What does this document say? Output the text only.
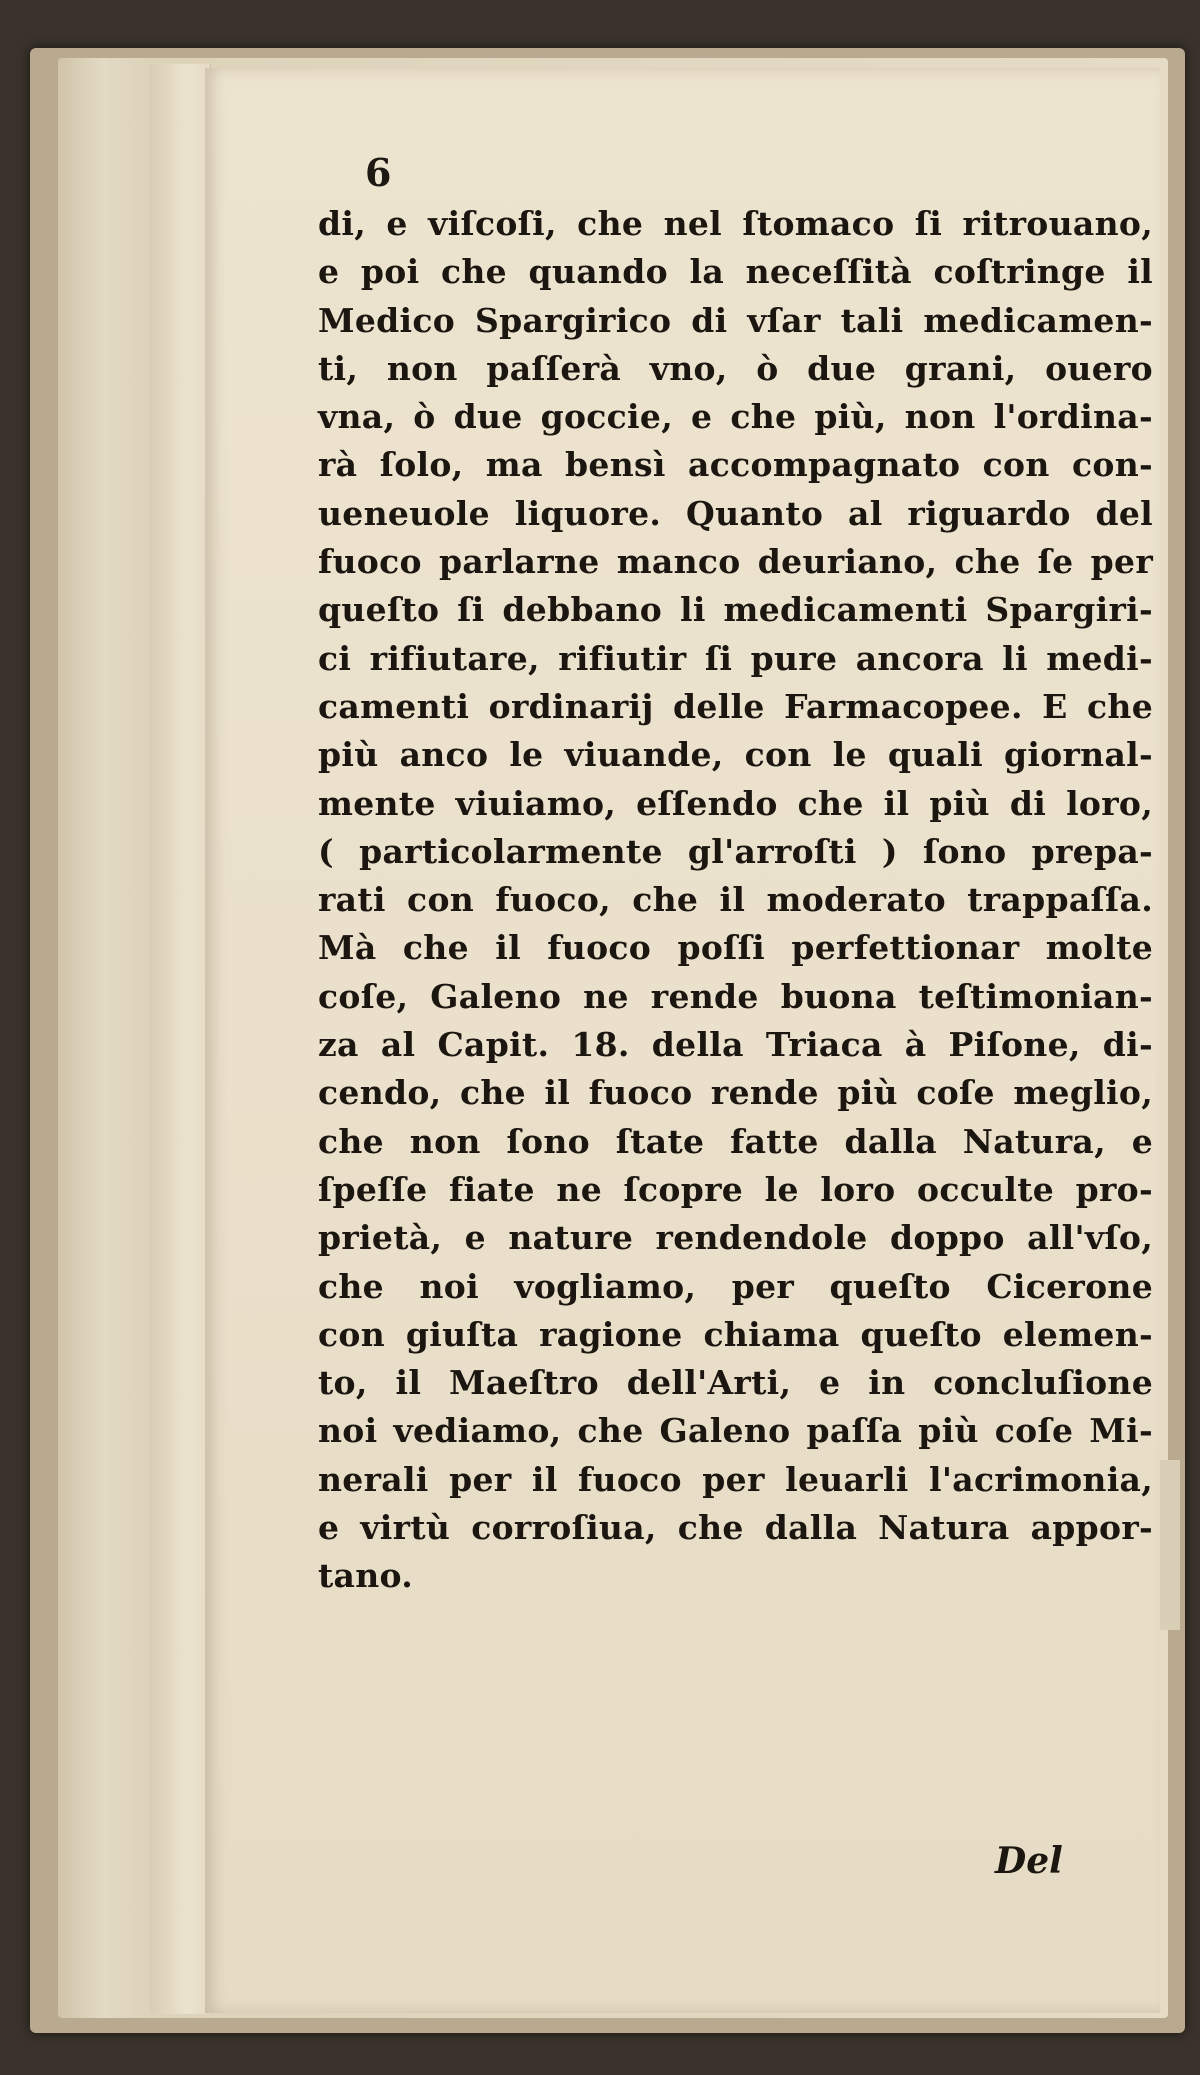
6
di, e viſcoſi, che nel ſtomaco ſi ritrouano,
e poi che quando la neceſſità coſtringe il
Medico Spargirico di vſar tali medicamen-
ti, non paſſerà vno, ò due grani, ouero
vna, ò due goccie, e che più, non l'ordina-
rà ſolo, ma bensì accompagnato con con-
ueneuole liquore. Quanto al riguardo del
fuoco parlarne manco deuriano, che ſe per
queſto ſi debbano li medicamenti Spargiri-
ci rifiutare, rifiutir ſi pure ancora li medi-
camenti ordinarij delle Farmacopee. E che
più anco le viuande, con le quali giornal-
mente viuiamo, eſſendo che il più di loro,
( particolarmente gl'arroſti ) ſono prepa-
rati con fuoco, che il moderato trappaſſa.
Mà che il fuoco poſſi perfettionar molte
coſe, Galeno ne rende buona teſtimonian-
za al Capit. 18. della Triaca à Piſone, di-
cendo, che il fuoco rende più coſe meglio,
che non ſono ſtate fatte dalla Natura, e
ſpeſſe fiate ne ſcopre le loro occulte pro-
prietà, e nature rendendole doppo all'vſo,
che noi vogliamo, per queſto Cicerone
con giuſta ragione chiama queſto elemen-
to, il Maeſtro dell'Arti, e in concluſione
noi vediamo, che Galeno paſſa più coſe Mi-
nerali per il fuoco per leuarli l'acrimonia,
e virtù corroſiua, che dalla Natura appor-
tano.

Del
